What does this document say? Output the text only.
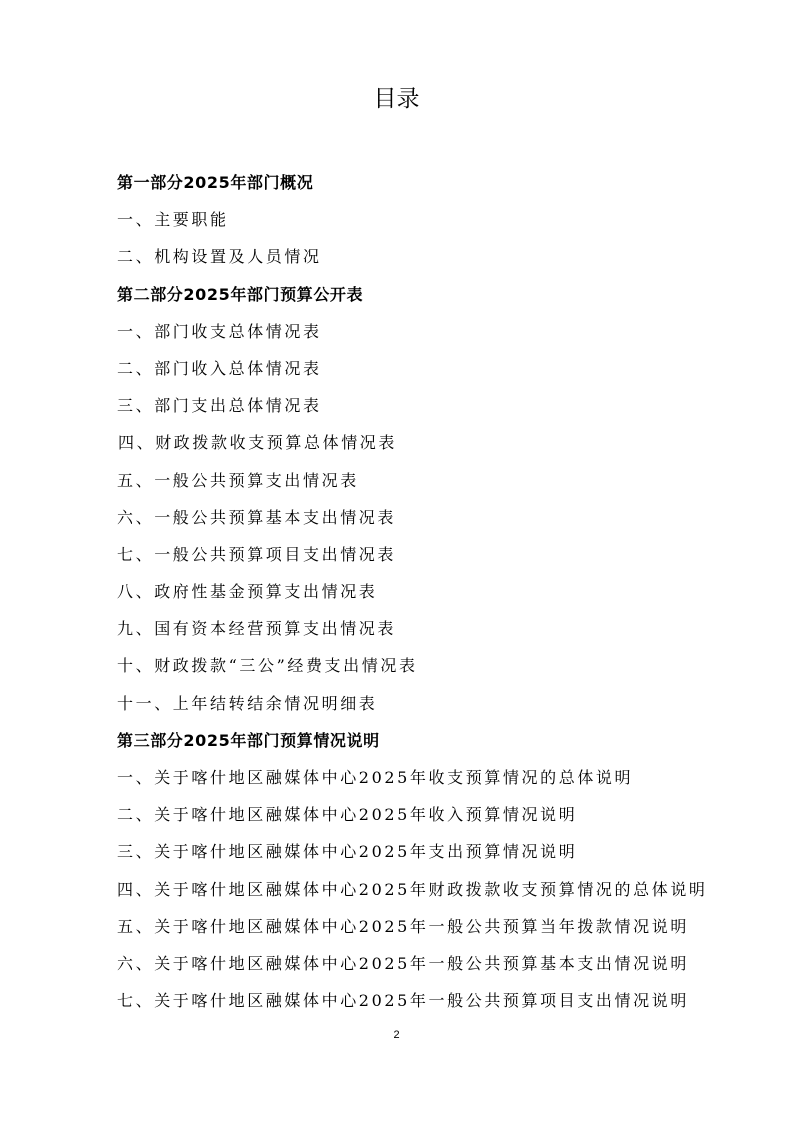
目录
第一部分2025年部门概况
一、主要职能
二、机构设置及人员情况
第二部分2025年部门预算公开表
一、部门收支总体情况表
二、部门收入总体情况表
三、部门支出总体情况表
四、财政拨款收支预算总体情况表
五、一般公共预算支出情况表
六、一般公共预算基本支出情况表
七、一般公共预算项目支出情况表
八、政府性基金预算支出情况表
九、国有资本经营预算支出情况表
十、财政拨款“三公”经费支出情况表
十一、上年结转结余情况明细表
第三部分2025年部门预算情况说明
一、关于喀什地区融媒体中心2025年收支预算情况的总体说明
二、关于喀什地区融媒体中心2025年收入预算情况说明
三、关于喀什地区融媒体中心2025年支出预算情况说明
四、关于喀什地区融媒体中心2025年财政拨款收支预算情况的总体说明
五、关于喀什地区融媒体中心2025年一般公共预算当年拨款情况说明
六、关于喀什地区融媒体中心2025年一般公共预算基本支出情况说明
七、关于喀什地区融媒体中心2025年一般公共预算项目支出情况说明
2
